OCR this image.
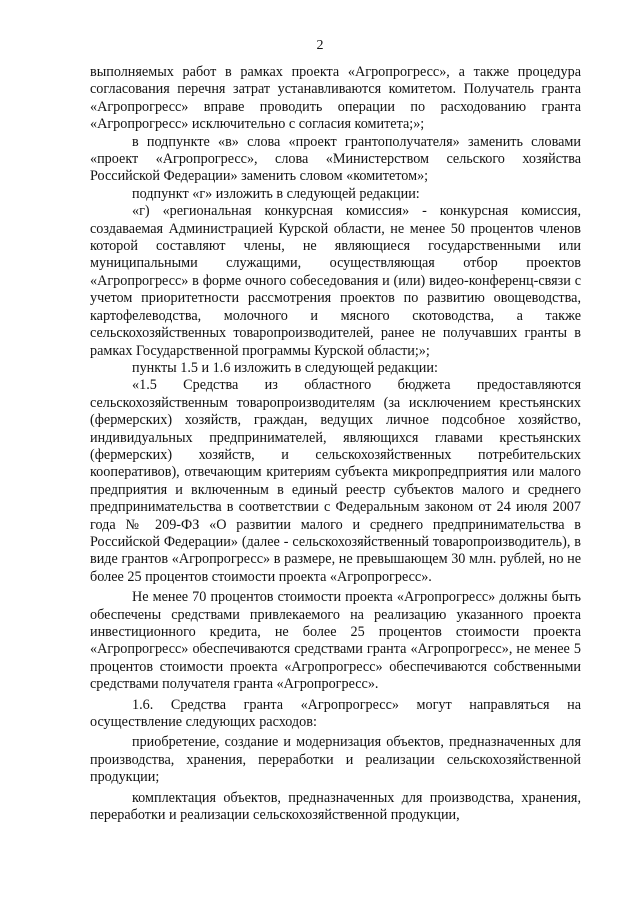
2

выполняемых работ в рамках проекта «Агропрогресс», а также процедура согласования перечня затрат устанавливаются комитетом. Получатель гранта «Агропрогресс» вправе проводить операции по расходованию гранта «Агропрогресс» исключительно с согласия комитета;»;

в подпункте «в» слова «проект грантополучателя» заменить словами «проект «Агропрогресс», слова «Министерством сельского хозяйства Российской Федерации» заменить словом «комитетом»;

подпункт «г» изложить в следующей редакции:

«г) «региональная конкурсная комиссия» - конкурсная комиссия, создаваемая Администрацией Курской области, не менее 50 процентов членов которой составляют члены, не являющиеся государственными или муниципальными служащими, осуществляющая отбор проектов «Агропрогресс» в форме очного собеседования и (или) видео-конференц-связи с учетом приоритетности рассмотрения проектов по развитию овощеводства, картофелеводства, молочного и мясного скотоводства, а также сельскохозяйственных товаропроизводителей, ранее не получавших гранты в рамках Государственной программы Курской области;»;

пункты 1.5 и 1.6 изложить в следующей редакции:

«1.5 Средства из областного бюджета предоставляются сельскохозяйственным товаропроизводителям (за исключением крестьянских (фермерских) хозяйств, граждан, ведущих личное подсобное хозяйство, индивидуальных предпринимателей, являющихся главами крестьянских (фермерских) хозяйств, и сельскохозяйственных потребительских кооперативов), отвечающим критериям субъекта микропредприятия или малого предприятия и включенным в единый реестр субъектов малого и среднего предпринимательства в соответствии с Федеральным законом от 24 июля 2007 года № 209-ФЗ «О развитии малого и среднего предпринимательства в Российской Федерации» (далее - сельскохозяйственный товаропроизводитель), в виде грантов «Агропрогресс» в размере, не превышающем 30 млн. рублей, но не более 25 процентов стоимости проекта «Агропрогресс».

Не менее 70 процентов стоимости проекта «Агропрогресс» должны быть обеспечены средствами привлекаемого на реализацию указанного проекта инвестиционного кредита, не более 25 процентов стоимости проекта «Агропрогресс» обеспечиваются средствами гранта «Агропрогресс», не менее 5 процентов стоимости проекта «Агропрогресс» обеспечиваются собственными средствами получателя гранта «Агропрогресс».

1.6. Средства гранта «Агропрогресс» могут направляться на осуществление следующих расходов:

приобретение, создание и модернизация объектов, предназначенных для производства, хранения, переработки и реализации сельскохозяйственной продукции;

комплектация объектов, предназначенных для производства, хранения, переработки и реализации сельскохозяйственной продукции,
